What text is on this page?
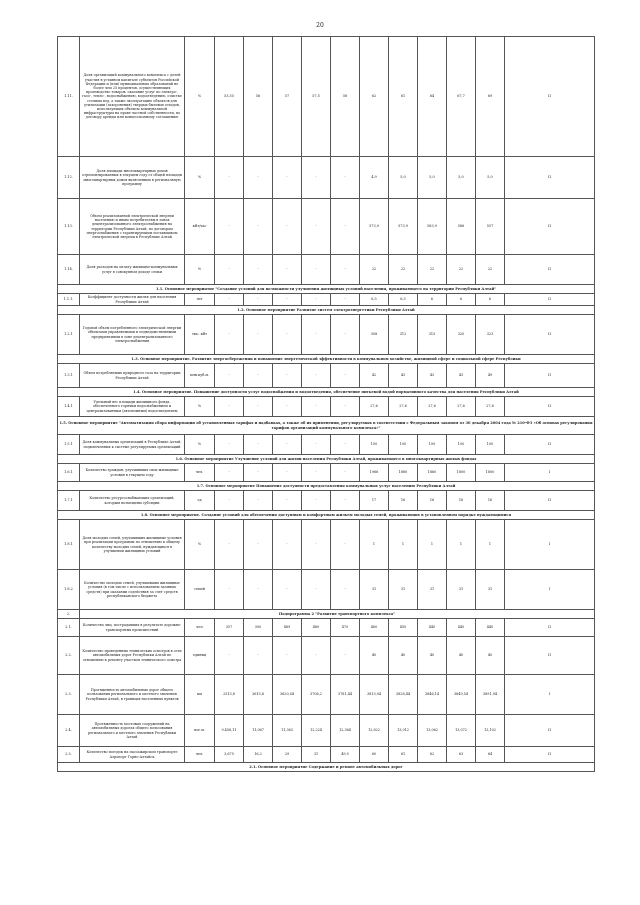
20
1.11.	Доля организаций коммунального комплекса с долей участия в уставном капитале субъектов Российской Федерации и (или) муниципальных образований не более чем 25 процентов, осуществляющих производство товаров, оказание услуг по электро-, газо-, тепло-, водоснабжению, водоотведению, очистке сточных вод, а также эксплуатацию объектов для утилизации (захоронения) твердых бытовых отходов, использующих объекты коммунальной инфраструктуры на праве частной собственности, по договору аренды или концессионному соглашению	%	53,55	56	57	57,5	58	62	61	64	67,7	69	II
1.12.	Доля площади многоквартирных домов отремонтированных в текущем году от общей площади многоквартирных домов включенных в региональную программу	%	-	-	-	-	-	4,9	5,0	5,0	5,0	5,0	II
1.13.	Объем реализованной электрической энергии населению и иным потребителям в зонах децентрализованного электроснабжения на территории Республики Алтай, по договорам энергоснабжения с гарантирующим поставщиком электрической энергии в Республике Алтай	кВт/час	-	-	-	-	-	573,9	573,9	583,9	586	557	II
1.14.	Доля расходов на оплату жилищно-коммунальных услуг в совокупном доходе семьи	%	-	-	-	-	-	22	22	22	22	22	II
1.1. Основное мероприятие "Создание условий для возможности улучшения жилищных условий населения, проживающего на территории Республики Алтай"													
1.1.1.	Коэффициент доступности жилья для населения Республики Алтай	лет	-	-	-	-	-	6,5	6,5	6	6	6	II
1.2. Основное мероприятие Развитие систем электроэнергетики Республики Алтай													
1.2.1	Годовой объем потребленного электрической энергии объектами управляемыми и подведомственными предприятиями в зоне децентрализованного электроснабжения	тыс. кВт	-	-	-	-	-	308	312	315	320	323	II
1.3. Основное мероприятие. Развитие энергосбережения и повышение энергетической эффективности в коммунальном хозяйстве, жилищной сфере и социальной сфере Республики													
1.3.1	Объем потребляемых природного газа на территории Республики Алтай	млн.куб.м.	-	-	-	-	-	42	43	43	43	49	II
1.4. Основное мероприятие. Повышение доступности услуг водоснабжения и водоотведения, обеспечение питьевой водой нормативного качества для населения Республики Алтай													
1.4.1	Удельный вес площади жилищного фонда, обеспеченного горячим водоснабжением и централизованным (автономным) водоотведением	%	-	-	-	-	-	27,6	27,6	27,6	27,6	27,6	II
1.5. Основное мероприятие "Автоматизация сбора информации об установленных тарифах и надбавках, а также об их применении, регулируемых в соответствии с Федеральным законом от 30 декабря 2004 года № 210-ФЗ «Об основах регулирования тарифов организаций коммунального комплекса»"													
1.5.1	Доля коммунальных организаций в Республике Алтай, подключенных к системе регулируемых организаций	%	-	-	-	-	-	100	100	100	100	100	II
1.6. Основное мероприятие Улучшение условий для жизни населения Республики Алтай, проживающего в многоквартирных жилых фондах													
1.6.1	Количество граждан, улучшивших свои жилищные условия в текущем году	чел.	-	-	-	-	-	1966	1880	1860	1800	1800	I
1.7. Основное мероприятие Повышение доступности предоставления коммунальных услуг населению Республики Алтай													
1.7.1	Количество ресурсоснабжающих организаций, которым возмещены субсидии	ед	-	-	-	-	-	17	16	16	16	16	II
1.8. Основное мероприятие. Создание условий для обеспечения доступным и комфортным жильем молодых семей, проживающих в установленном порядке нуждающимися													
1.8.1	Доля молодых семей, улучшивших жилищные условия при реализации программы по отношению к общему количеству молодых семей, нуждающихся в улучшении жилищных условий	%	-	-	-	-	-	1	1	1	1	1	I
1.8.2	Количество молодых семей, улучшивших жилищные условия (в том числе с использованием заемных средств) при оказании содействия за счет средств республиканского бюджета	семей	-	-	-	-	-	31	31	31	31	31	I
2.	Подпрограмма 2 "Развитие транспортного комплекса"												
2.1.	Количество лиц, пострадавших в результате дорожно-транспортных происшествий	чел	357	300	489	480	470	460	450	440	440	440	II
2.2.	Количество проведенных технических осмотров в сети автомобильных дорог Республики Алтай по отношению к ремонту участков технического осмотра	единиц	-	-	-	-	-	40	40	40	40	40	II
2.3.	Протяженность автомобильных дорог общего пользования регионального и местного значения Республики Алтай, в границах населенных пунктов	км	2513,8	3615,8	3620,04	3706,2	3781,44	3813,04	3828,44	3846,14	3849,54	3891,94	I
2.4.	Протяженность мостовых сооружений на автомобильных дорогах общего пользования регионального и местного значения Республики Алтай	пог.м.	9.458,11	11,067	11,363	12,224	12,364	12,822	13,012	13,062	13,072	13,102	II
2.5.	Количество поездок на пассажирском транспорте Аэропорт Горно-Алтайск	чел.	3,675	16,2	29	31	49,5	60	61	62	63	64	II
2.1. Основное мероприятие Содержание и ремонт автомобильных дорог													
